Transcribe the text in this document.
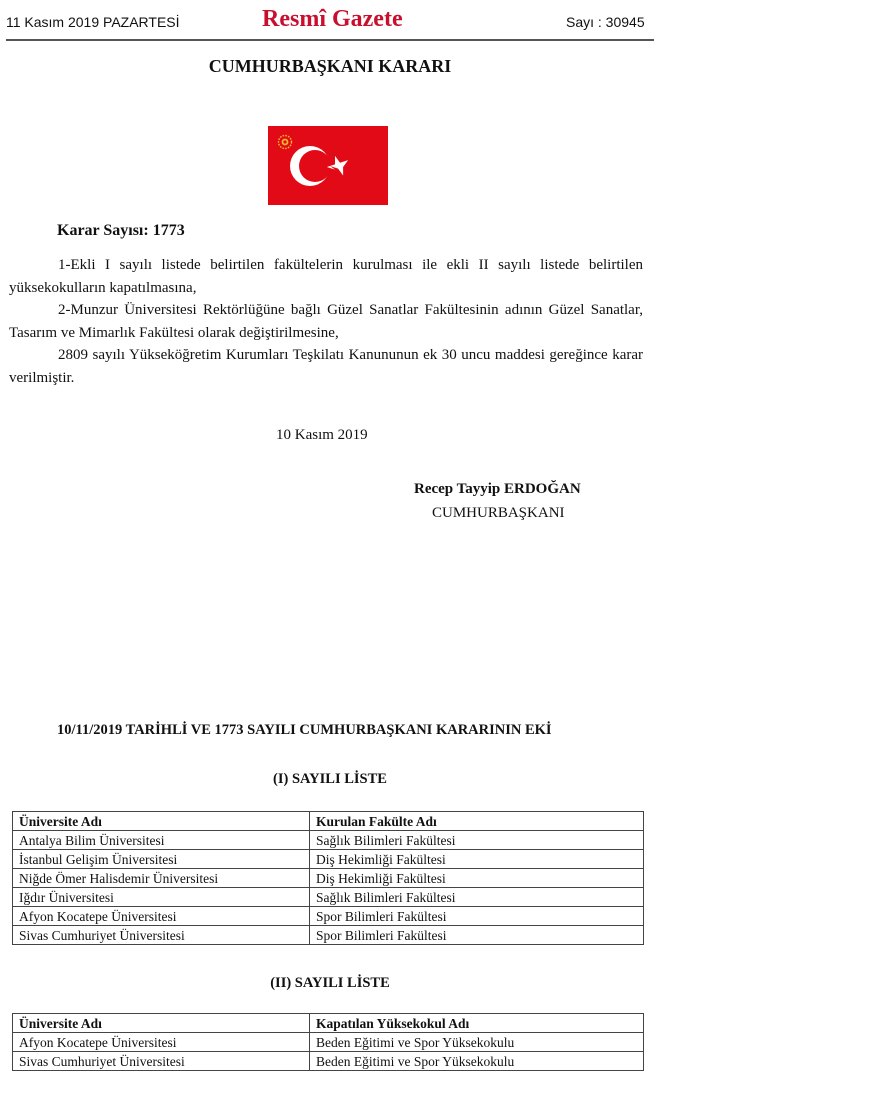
11 Kasım 2019 PAZARTESİ	Resmî Gazete	Sayı : 30945
CUMHURBAŞKANI KARARI
Karar Sayısı: 1773

1-Ekli I sayılı listede belirtilen fakültelerin kurulması ile ekli II sayılı listede belirtilen yüksekokulların kapatılmasına,

2-Munzur Üniversitesi Rektörlüğüne bağlı Güzel Sanatlar Fakültesinin adının Güzel Sanatlar, Tasarım ve Mimarlık Fakültesi olarak değiştirilmesine,

2809 sayılı Yükseköğretim Kurumları Teşkilatı Kanununun ek 30 uncu maddesi gereğince karar verilmiştir.

10 Kasım 2019
Recep Tayyip ERDOĞAN
CUMHURBAŞKANI
10/11/2019 TARİHLİ VE 1773 SAYILI CUMHURBAŞKANI KARARININ EKİ
(I) SAYILI LİSTE
Üniversite Adı	Kurulan Fakülte Adı
Antalya Bilim Üniversitesi	Sağlık Bilimleri Fakültesi
İstanbul Gelişim Üniversitesi	Diş Hekimliği Fakültesi
Niğde Ömer Halisdemir Üniversitesi	Diş Hekimliği Fakültesi
Iğdır Üniversitesi	Sağlık Bilimleri Fakültesi
Afyon Kocatepe Üniversitesi	Spor Bilimleri Fakültesi
Sivas Cumhuriyet Üniversitesi	Spor Bilimleri Fakültesi
(II) SAYILI LİSTE
Üniversite Adı	Kapatılan Yüksekokul Adı
Afyon Kocatepe Üniversitesi	Beden Eğitimi ve Spor Yüksekokulu
Sivas Cumhuriyet Üniversitesi	Beden Eğitimi ve Spor Yüksekokulu
